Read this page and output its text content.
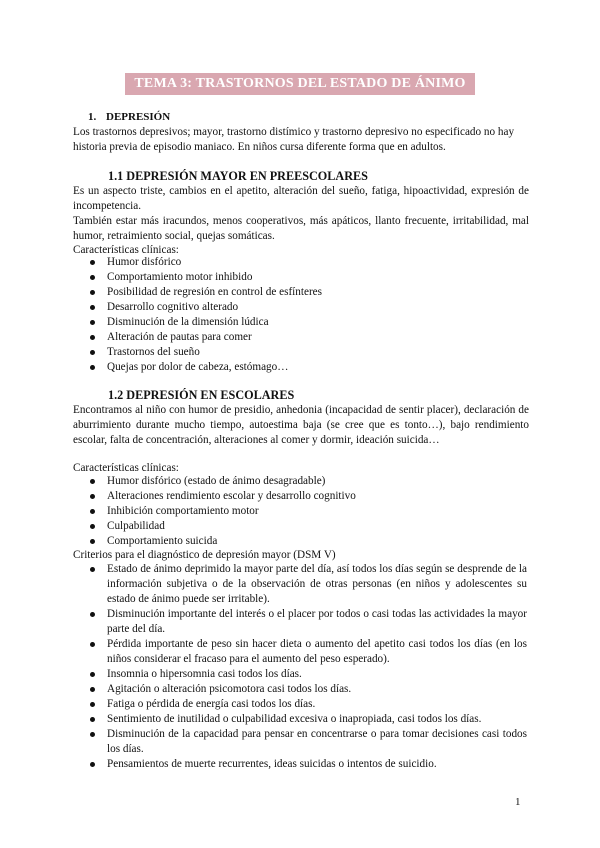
TEMA 3: TRASTORNOS DEL ESTADO DE ÁNIMO
1. DEPRESIÓN
Los trastornos depresivos; mayor, trastorno distímico y trastorno depresivo no especificado no hay historia previa de episodio maniaco. En niños cursa diferente forma que en adultos.
1.1 DEPRESIÓN MAYOR EN PREESCOLARES
Es un aspecto triste, cambios en el apetito, alteración del sueño, fatiga, hipoactividad, expresión de incompetencia.
También estar más iracundos, menos cooperativos, más apáticos, llanto frecuente, irritabilidad, mal humor, retraimiento social, quejas somáticas.
Características clínicas:
Humor disfórico
Comportamiento motor inhibido
Posibilidad de regresión en control de esfínteres
Desarrollo cognitivo alterado
Disminución de la dimensión lúdica
Alteración de pautas para comer
Trastornos del sueño
Quejas por dolor de cabeza, estómago…
1.2 DEPRESIÓN EN ESCOLARES
Encontramos al niño con humor de presidio, anhedonia (incapacidad de sentir placer), declaración de aburrimiento durante mucho tiempo, autoestima baja (se cree que es tonto…), bajo rendimiento escolar, falta de concentración, alteraciones al comer y dormir, ideación suicida…
Características clínicas:
Humor disfórico (estado de ánimo desagradable)
Alteraciones rendimiento escolar y desarrollo cognitivo
Inhibición comportamiento motor
Culpabilidad
Comportamiento suicida
Criterios para el diagnóstico de depresión mayor (DSM V)
Estado de ánimo deprimido la mayor parte del día, así todos los días según se desprende de la información subjetiva o de la observación de otras personas (en niños y adolescentes su estado de ánimo puede ser irritable).
Disminución importante del interés o el placer por todos o casi todas las actividades la mayor parte del día.
Pérdida importante de peso sin hacer dieta o aumento del apetito casi todos los días (en los niños considerar el fracaso para el aumento del peso esperado).
Insomnia o hipersomnia casi todos los días.
Agitación o alteración psicomotora casi todos los días.
Fatiga o pérdida de energía casi todos los días.
Sentimiento de inutilidad o culpabilidad excesiva o inapropiada, casi todos los días.
Disminución de la capacidad para pensar en concentrarse o para tomar decisiones casi todos los días.
Pensamientos de muerte recurrentes, ideas suicidas o intentos de suicidio.
1
